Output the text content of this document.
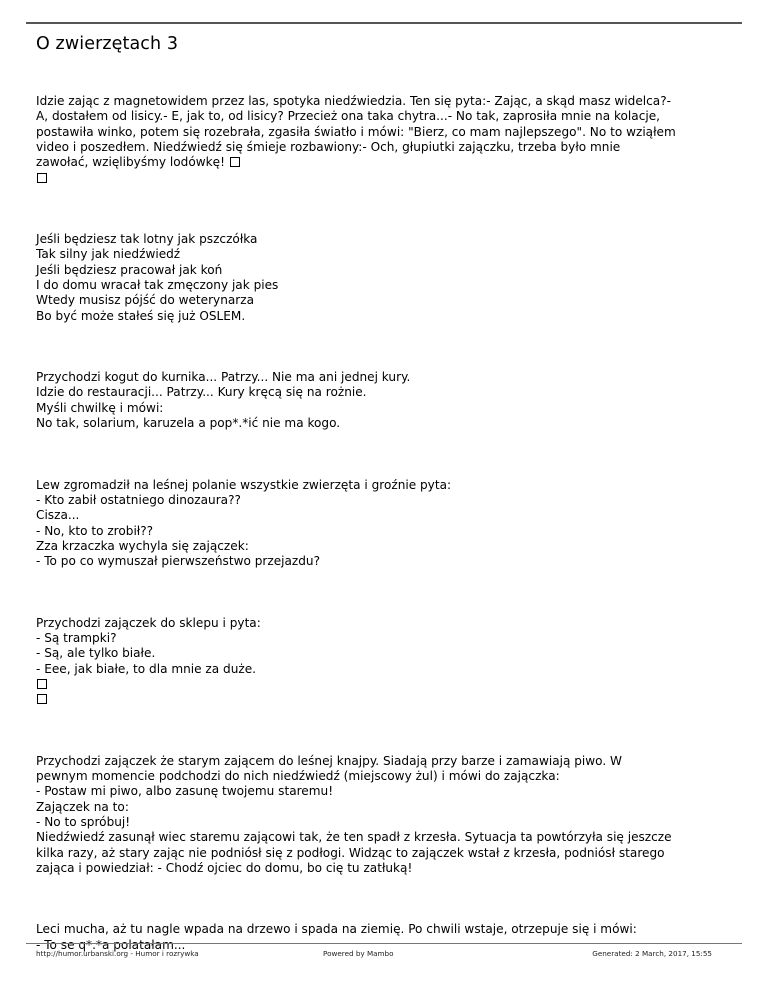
O zwierzętach 3
Idzie zając z magnetowidem przez las, spotyka niedźwiedzia. Ten się pyta:- Zając, a skąd masz widelca?-
A, dostałem od lisicy.- E, jak to, od lisicy? Przecież ona taka chytra...- No tak, zaprosiła mnie na kolacje,
postawiła winko, potem się rozebrała, zgasiła światło i mówi: "Bierz, co mam najlepszego". No to wziąłem
video i poszedłem. Niedźwiedź się śmieje rozbawiony:- Och, głupiutki zajączku, trzeba było mnie
zawołać, wzięlibyśmy lodówkę!
Jeśli będziesz tak lotny jak pszczółka
Tak silny jak niedźwiedź
Jeśli będziesz pracował jak koń
I do domu wracał tak zmęczony jak pies
Wtedy musisz pójść do weterynarza
Bo być może stałeś się już OSLEM.
Przychodzi kogut do kurnika... Patrzy... Nie ma ani jednej kury.
Idzie do restauracji... Patrzy... Kury kręcą się na rożnie.
Myśli chwilkę i mówi:
No tak, solarium, karuzela a pop*.*ić nie ma kogo.
Lew zgromadził na leśnej polanie wszystkie zwierzęta i groźnie pyta:
- Kto zabił ostatniego dinozaura??
Cisza...
- No, kto to zrobił??
Zza krzaczka wychyla się zajączek:
- To po co wymuszał pierwszeństwo przejazdu?
Przychodzi zajączek do sklepu i pyta:
- Są trampki?
- Są, ale tylko białe.
- Eee, jak białe, to dla mnie za duże.
Przychodzi zajączek że starym zającem do leśnej knajpy. Siadają przy barze i zamawiają piwo. W
pewnym momencie podchodzi do nich niedźwiedź (miejscowy żul) i mówi do zajączka:
- Postaw mi piwo, albo zasunę twojemu staremu!
Zajączek na to:
- No to spróbuj!
Niedźwiedź zasunął wiec staremu zającowi tak, że ten spadł z krzesła. Sytuacja ta powtórzyła się jeszcze
kilka razy, aż stary zając nie podniósł się z podłogi. Widząc to zajączek wstał z krzesła, podniósł starego
zająca i powiedział: - Chodź ojciec do domu, bo cię tu zatłuką!
Leci mucha, aż tu nagle wpada na drzewo i spada na ziemię. Po chwili wstaje, otrzepuje się i mówi:
- To se q*.*a polatałam...
http://humor.urbanski.org - Humor i rozrywka	Powered by Mambo	Generated: 2 March, 2017, 15:55
